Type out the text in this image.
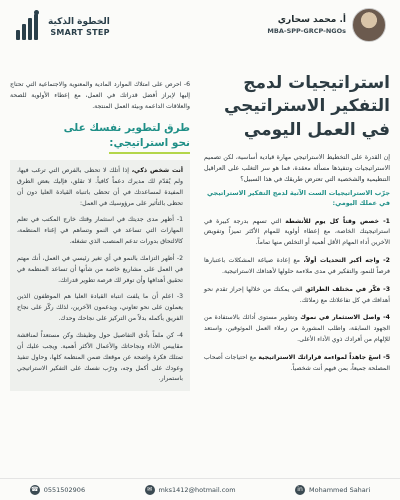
الخطوة الذكية
SMART STEP
أ. محمد سحاري
MBA-SPP-GRCP-NGOs
استراتيجيات لدمج
التفكير الاستراتيجي
في العمل اليومي

إن القدرة على التخطيط الاستراتيجي مهارة قيادية أساسية، لكن تصميم الاستراتيجيات وتنفيذها مسألة معقدة، فما هو سر التغلب على العراقيل التنظيمية والشخصية التي تعترض طريقك في هذا السبيل؟

جرّب الاستراتيجيات الست الآتية لدمج التفكير الاستراتيجي في عملك اليومي:

1- خصص وقتاً كل يوم للأنشطة التي تسهم بدرجة كبيرة في استراتيجيتك الخاصة، مع إعطاء أولوية للمهام الأكثر تميزاً وتفويض الآخرين أداء المهام الأقل أهمية أو التخلص منها تماماً.

2- واجه أكبر التحديات أولاً، مع إعادة صياغة المشكلات باعتبارها فرصاً للنمو، والتفكير في مدى ملاءمة حلولها لأهدافك الاستراتيجية.

3- فكّر في مختلف الطرائق التي يمكنك من خلالها إحراز تقدم نحو أهدافك في كل تفاعلاتك مع زملائك.

4- واصل الاستثمار في نموك وتطوير مستوى أدائك بالاستفادة من الجهود السابقة، واطلب المشورة من زملاء العمل الموثوقين، واستعد للإلهام من أفرادك ذوي الأداء الأعلى.

5- اسعَ جاهداً لمواءمة قراراتك الاستراتيجية مع احتياجات أصحاب المصلحة جميعاً، بمن فيهم أنت شخصياً.

6- احرص على امتلاك الموارد المادية والمعنوية والاجتماعية التي تحتاج إليها لإبراز أفضل قدراتك في العمل، مع إعطاء الأولوية للصحة والعلاقات الداعمة وبيئة العمل المنتجة.

طرق لتطوير نفسك على
نحو استراتيجي:

أنت شخص ذكي، إذا أتلك لا تحظى بالفرص التي ترغب فيها، ولم يُقدّم لك مديرك دعماً كافياً. لا تقلق، فإليك بعض الطرق المفيدة لمساعدتك في أن تحظى باتنباه القيادة العليا دون أن تحظى بالتأثير على مرؤوسيك في العمل:

1- أظهر مدى جديتك في استثمار وقتك خارج المكتب في تعلم المهارات التي تساعد في النمو وتساهم في إغناء المنظمة، كالالتحاق بدورات تدعم المنصب الذي تشغله.

2- أظهر التزامك بالنمو في أي تغير رئيسي في العمل، أنك مهتم في العمل على مشاريع خاصة من شأنها أن تساعد المنظمة في تحقيق أهدافها وأن توفر لك فرصة تطوير قدراتك.

3- اعلم أن ما يلفت انتباه القيادة العليا هم الموظفون الذين يعملون على نحو تعاوني، ويدعمون الآخرين، لذلك ركّز على نجاح الفريق بأكمله بدلاً من التركيز على نجاحك وحدك.

4- كن ملماً بأدق التفاصيل حول وظيفتك وكن مستعداً لمناقشة مقاييس الأداء ونجاحاتك والأعمال الأكثر أهمية. ويجب عليك أن تمتلك فكرة واضحة عن موقعك ضمن المنظمة كلها، وحاول تنفيذ وعودك على أكمل وجه، ودرّب نفسك على التفكير الاستراتيجي باستمرار.

☎ 0551502906	✉ mks1412@hotmail.com	in Mohammed Sahari
